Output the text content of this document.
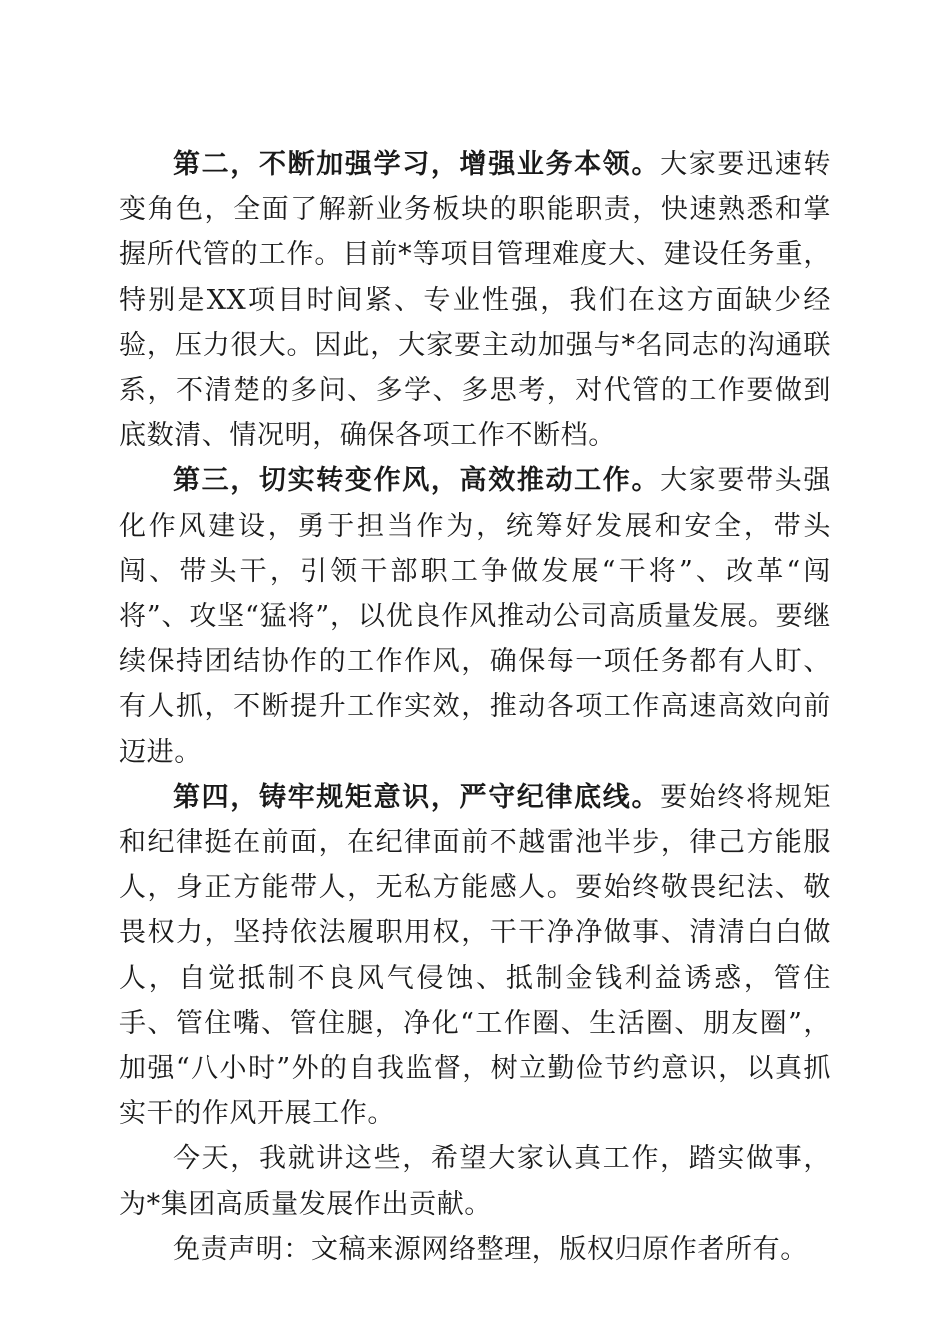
第二，不断加强学习，增强业务本领。大家要迅速转变角色，全面了解新业务板块的职能职责，快速熟悉和掌握所代管的工作。目前*等项目管理难度大、建设任务重，特别是XX项目时间紧、专业性强，我们在这方面缺少经验，压力很大。因此，大家要主动加强与*名同志的沟通联系，不清楚的多问、多学、多思考，对代管的工作要做到底数清、情况明，确保各项工作不断档。

第三，切实转变作风，高效推动工作。大家要带头强化作风建设，勇于担当作为，统筹好发展和安全，带头闯、带头干，引领干部职工争做发展“干将”、改革“闯将”、攻坚“猛将”，以优良作风推动公司高质量发展。要继续保持团结协作的工作作风，确保每一项任务都有人盯、有人抓，不断提升工作实效，推动各项工作高速高效向前迈进。

第四，铸牢规矩意识，严守纪律底线。要始终将规矩和纪律挺在前面，在纪律面前不越雷池半步，律己方能服人，身正方能带人，无私方能感人。要始终敬畏纪法、敬畏权力，坚持依法履职用权，干干净净做事、清清白白做人，自觉抵制不良风气侵蚀、抵制金钱利益诱惑，管住手、管住嘴、管住腿，净化“工作圈、生活圈、朋友圈”，加强“八小时”外的自我监督，树立勤俭节约意识，以真抓实干的作风开展工作。

今天，我就讲这些，希望大家认真工作，踏实做事，为*集团高质量发展作出贡献。

免责声明：文稿来源网络整理，版权归原作者所有。
